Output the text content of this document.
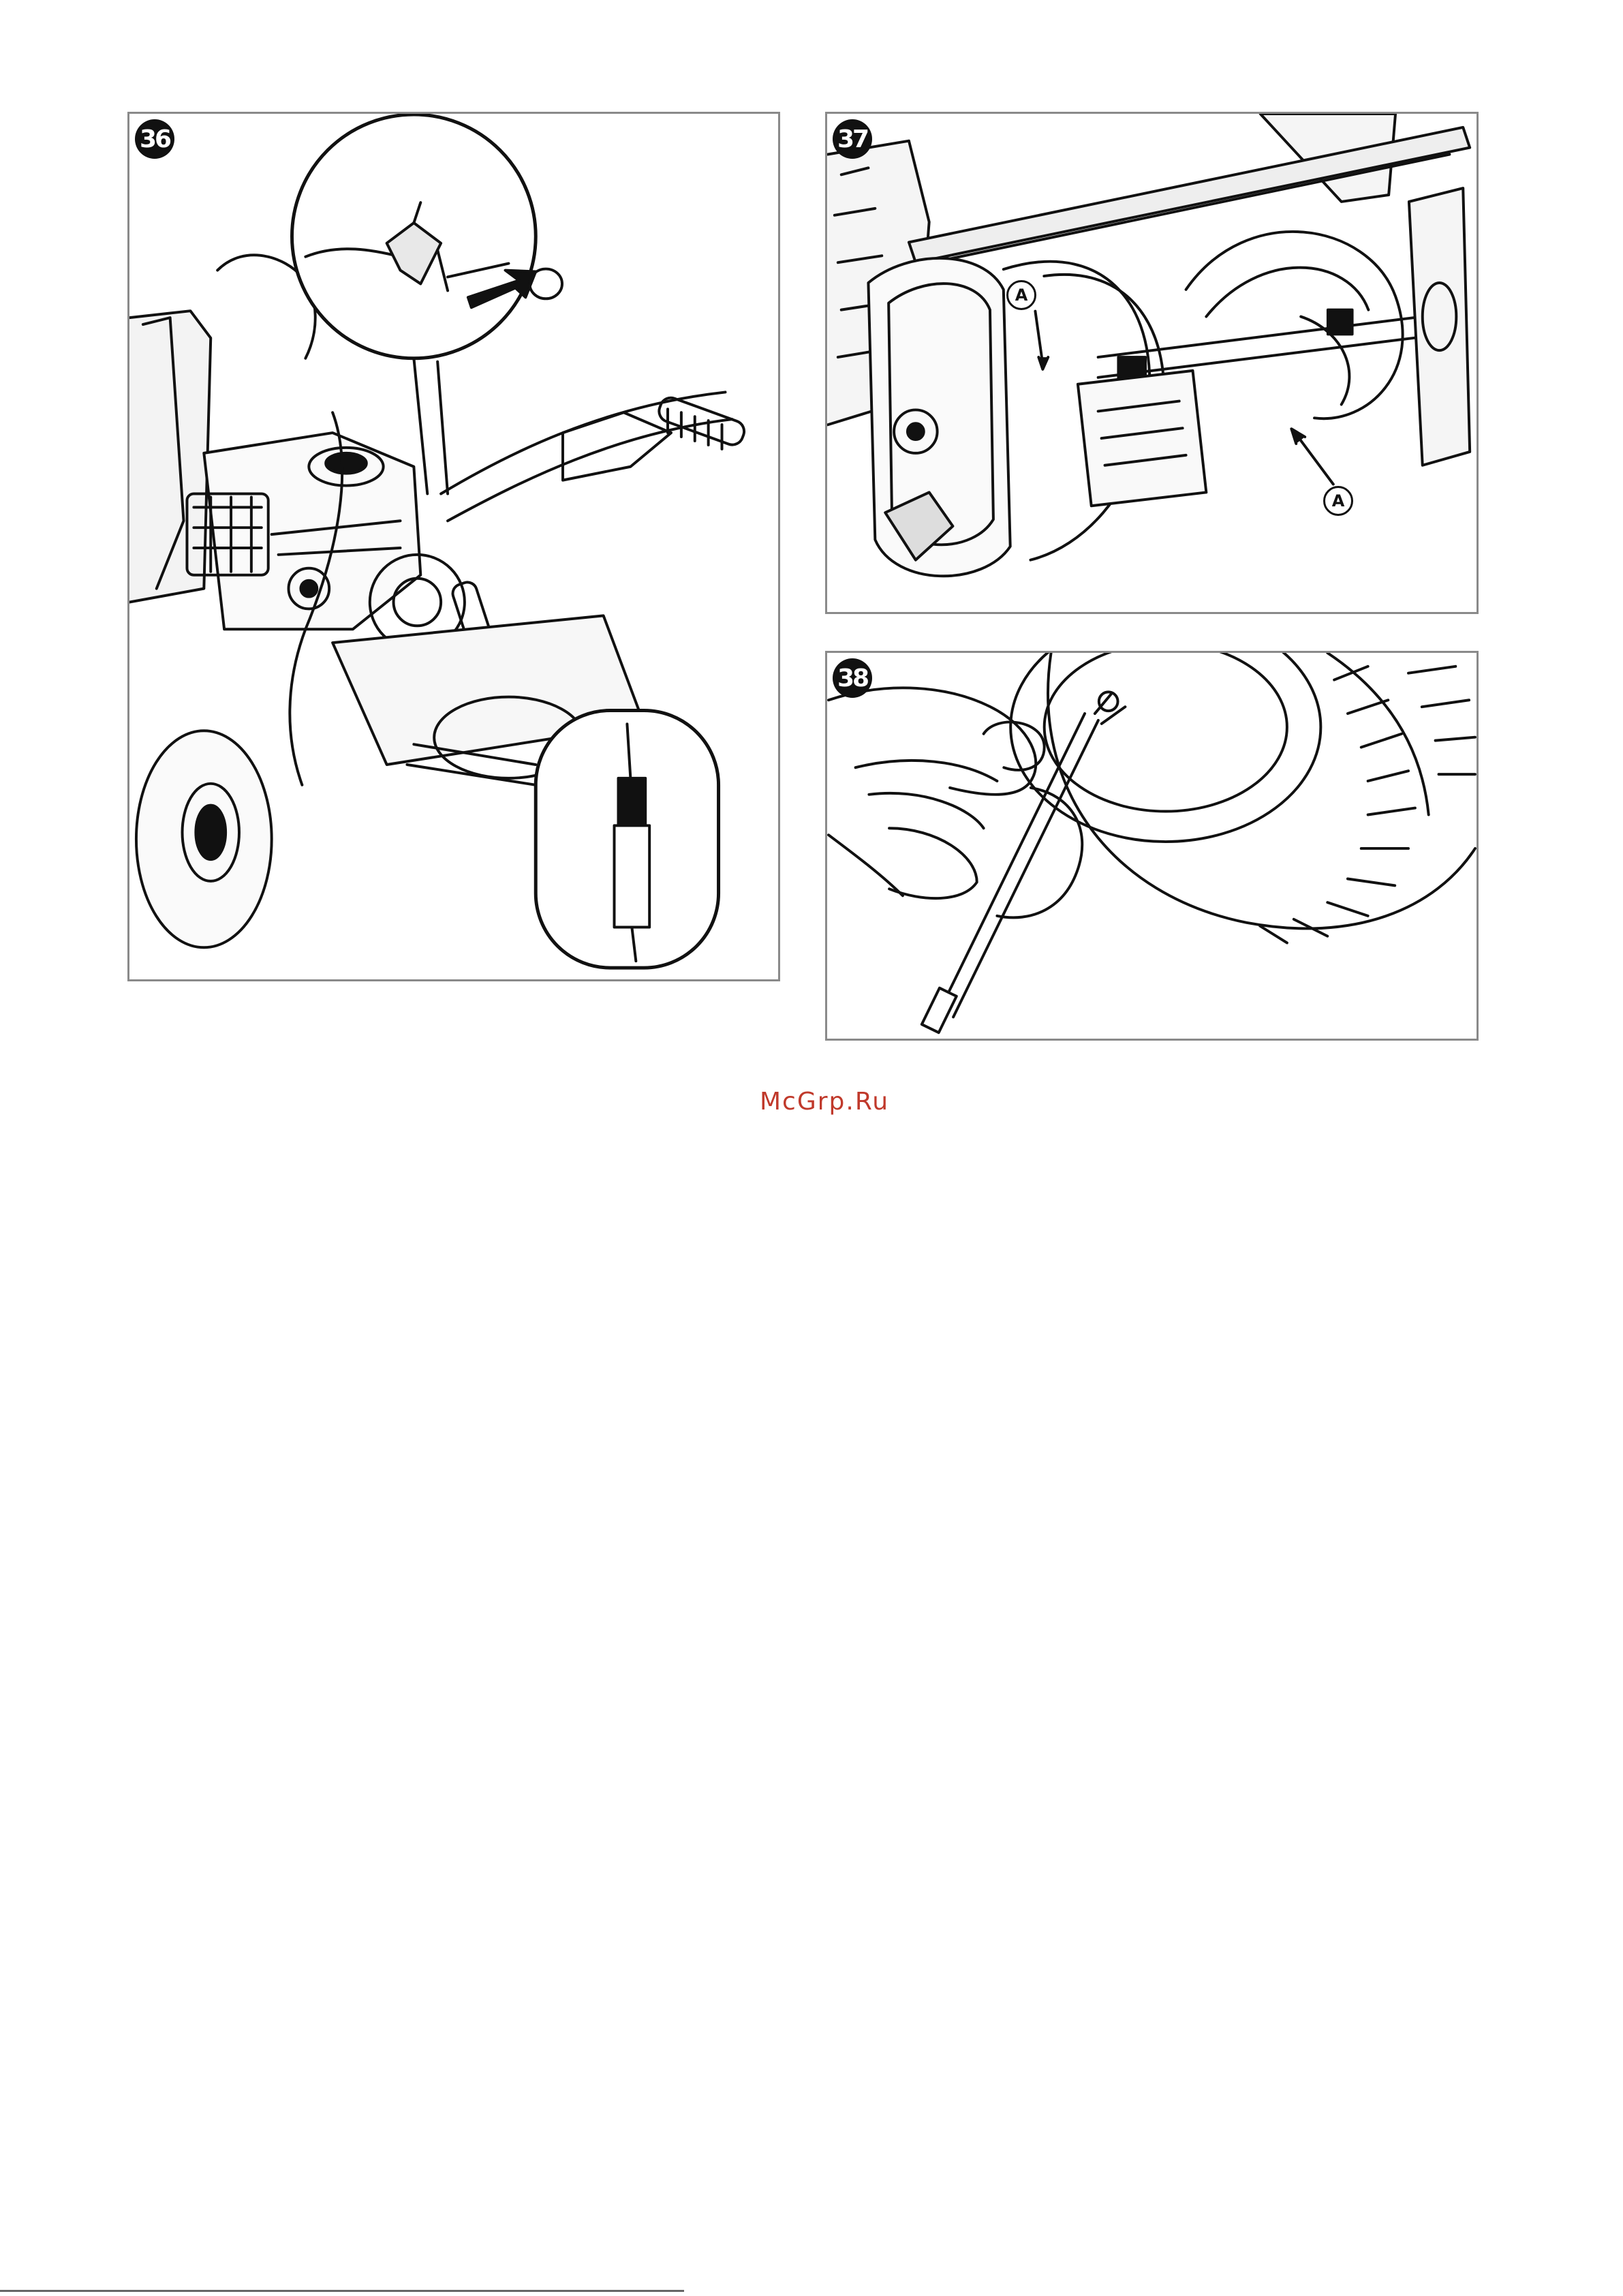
36	37
A
A
38
McGrp.Ru
